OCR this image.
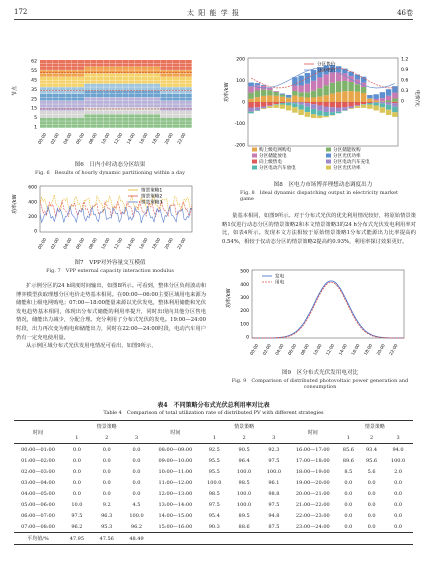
172	太 阳 能 学 报	46卷
节点
62
55
45
35
25
15
5
1
00:00 02:00 04:00 06:00 08:00 10:00 12:00 14:00 16:00 18:00 20:00 22:00
图6　日内小时动态分区结果
Fig. 6　Results of hourly dynamic partitioning within a day
功率/kW
600
400
200
0
情景策略1
情景策略2
情景策略3
00:00 02:00 04:00 06:00 08:00 10:00 12:00 14:00 16:00 18:00 20:00 22:00
图7　VPP对外容量交互模值
Fig. 7　VPP external capacity interaction modulus

扩示例分区的24 h调度时间输出，如图8所示。可看到，整体分区负荷波动和博弈模型获取理想分区电价走势基本相同。在00:00—06:00主要区域用电来源为储能和上级电网购电；07:00—18:00能量来源以光伏发电，整体利用储能和光伏发电趋势基本相同，体现出分布式储能的利用率提升，同时出现向其他分区售电情况，储能出力减少，分配合理。充分利用了分布式光伏的发电。19:00—24:00时段，出力再次变为购电和储能出力，同时在22:00—24:00时段，电动汽车用户仍有一定充电使用量。

从示例区域分布式光伏发用电情况可看出，如图9所示，

功率/kW	电价/元
200
100
0
-100
-200
1.2
0.9
0.6
0.3
0
分区售价
分区电价
购上级电网购电	分区储能收购
分区储能放电	分区光伏功率
向上级售电	分区电动汽车充电
分区电动汽车放电	分区光伏功率
图8　区电力市场博弈理想动态调度出力
Fig. 8　Ideal dynamic dispatching output in electricity market game

量基本相同，如图9所示。对于分布式光伏的优先利用情况较好，将原始情景策略1仅进行动态分区的情景策略2和本文情景策略3的24 h分布式光伏发电利用率对比，如表4所示。发现本文方法相较于原始情景策略1分布式能源出力比率提高约0.54%，相较于仅动态分区的情景策略2提高约0.93%，利用率探讨效果更好。

功率/kW
500
400
300
200
100
0
发电
用电
00:00 02:00 04:00 06:00 08:00 10:00 12:00 14:00 16:00 18:00 20:00 22:00
图9　区分布式光伏发用电对比
Fig. 9　Comparison of distributed photovoltaic power generation and consumption
表4　不同策略分布式光伏总利用率对比表
Table 4　Comparison of total utilization rate of distributed PV with different strategies
时间	情景策略			时间	情景策略			时间	情景策略		
	1	2	3		1	2	3		1	2	3
00:00—01:00	0.0	0.0	0.0	08:00—09:00	92.5	90.5	92.3	16:00—17:00	85.6	93.4	94.0
01:00—02:00	0.0	0.0	0.0	09:00—10:00	95.5	96.4	97.5	17:00—18:00	89.6	95.6	100.0
02:00—03:00	0.0	0.0	0.0	10:00—11:00	95.5	100.0	100.0	18:00—19:00	8.5	5.6	2.0
03:00—04:00	0.0	0.0	0.0	11:00—12:00	100.0	98.5	96.1	19:00—20:00	0.0	0.0	0.0
04:00—05:00	0.0	0.0	0.0	12:00—13:00	98.5	100.0	98.8	20:00—21:00	0.0	0.0	0.0
05:00—06:00	10.0	9.2	4.5	13:00—14:00	97.5	100.0	97.5	21:00—22:00	0.0	0.0	0.0
06:00—07:00	97.5	96.3	100.0	14:00—15:00	95.4	89.5	94.8	22:00—23:00	0.0	0.0	0.0
07:00—08:00	96.2	95.3	96.2	15:00—16:00	90.3	88.6	87.5	23:00—24:00	0.0	0.0	0.0
平均值/%	47.95	47.56	48.49								
